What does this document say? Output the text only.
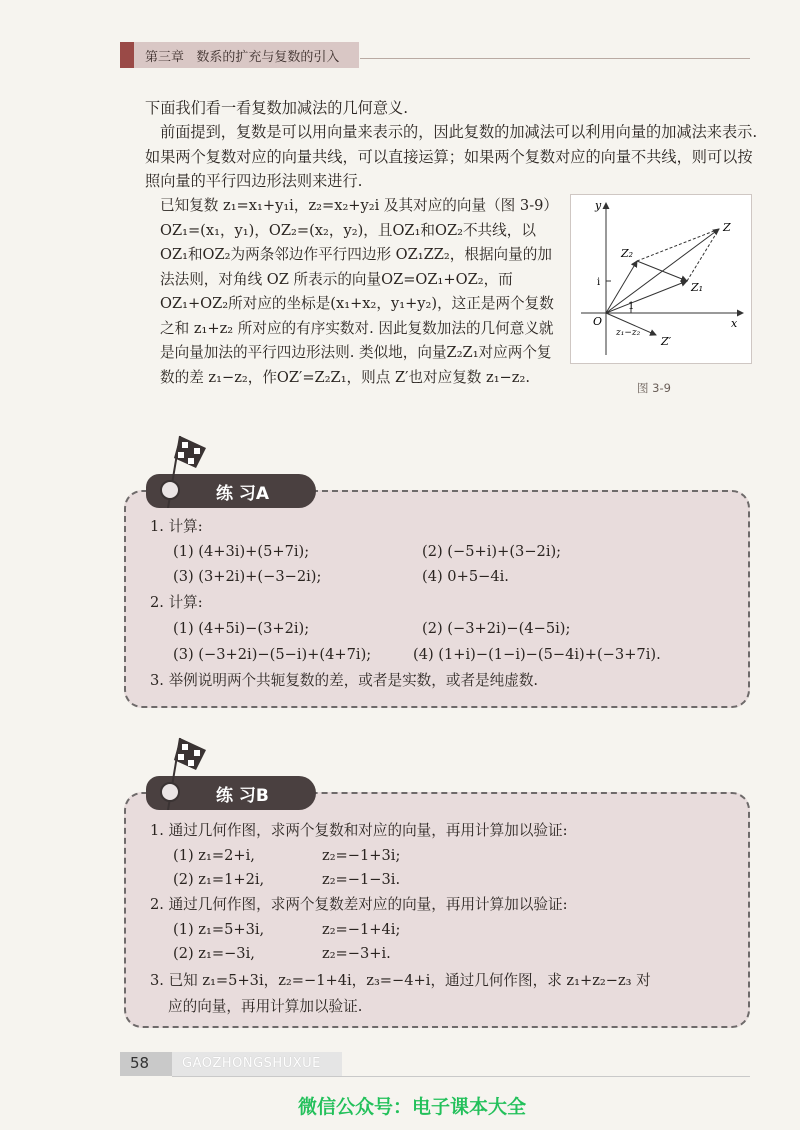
第三章 数系的扩充与复数的引入
下面我们看一看复数加减法的几何意义.
前面提到，复数是可以用向量来表示的，因此复数的加减法可以利用向量的加减法来表示. 如果两个复数对应的向量共线，可以直接运算；如果两个复数对应的向量不共线，则可以按照向量的平行四边形法则来进行.
已知复数 z₁=x₁+y₁i，z₂=x₂+y₂i 及其对应的向量（图 3-9）OZ₁=(x₁，y₁)，OZ₂=(x₂，y₂)，且OZ₁和OZ₂不共线，以OZ₁和OZ₂为两条邻边作平行四边形 OZ₁ZZ₂，根据向量的加法法则，对角线 OZ 所表示的向量OZ=OZ₁+OZ₂，而OZ₁+OZ₂所对应的坐标是(x₁+x₂，y₁+y₂)，这正是两个复数之和 z₁+z₂ 所对应的有序实数对. 因此复数加法的几何意义就是向量加法的平行四边形法则. 类似地，向量Z₂Z₁对应两个复数的差 z₁−z₂，作OZ′=Z₂Z₁，则点 Z′也对应复数 z₁−z₂.
y
x
O
1
i
Z
Z₁
Z₂
Z′
z₁−z₂
图 3-9
练 习A
1. 计算:
(1) (4+3i)+(5+7i);	(2) (−5+i)+(3−2i);
(3) (3+2i)+(−3−2i);	(4) 0+5−4i.
2. 计算:
(1) (4+5i)−(3+2i);	(2) (−3+2i)−(4−5i);
(3) (−3+2i)−(5−i)+(4+7i);	(4) (1+i)−(1−i)−(5−4i)+(−3+7i).
3. 举例说明两个共轭复数的差，或者是实数，或者是纯虚数.
练 习B
1. 通过几何作图，求两个复数和对应的向量，再用计算加以验证:
(1) z₁=2+i,	z₂=−1+3i;
(2) z₁=1+2i,	z₂=−1−3i.
2. 通过几何作图，求两个复数差对应的向量，再用计算加以验证:
(1) z₁=5+3i,	z₂=−1+4i;
(2) z₁=−3i,	z₂=−3+i.
3. 已知 z₁=5+3i，z₂=−1+4i，z₃=−4+i，通过几何作图，求 z₁+z₂−z₃ 对
应的向量，再用计算加以验证.
58	GAOZHONGSHUXUE
微信公众号：电子课本大全
